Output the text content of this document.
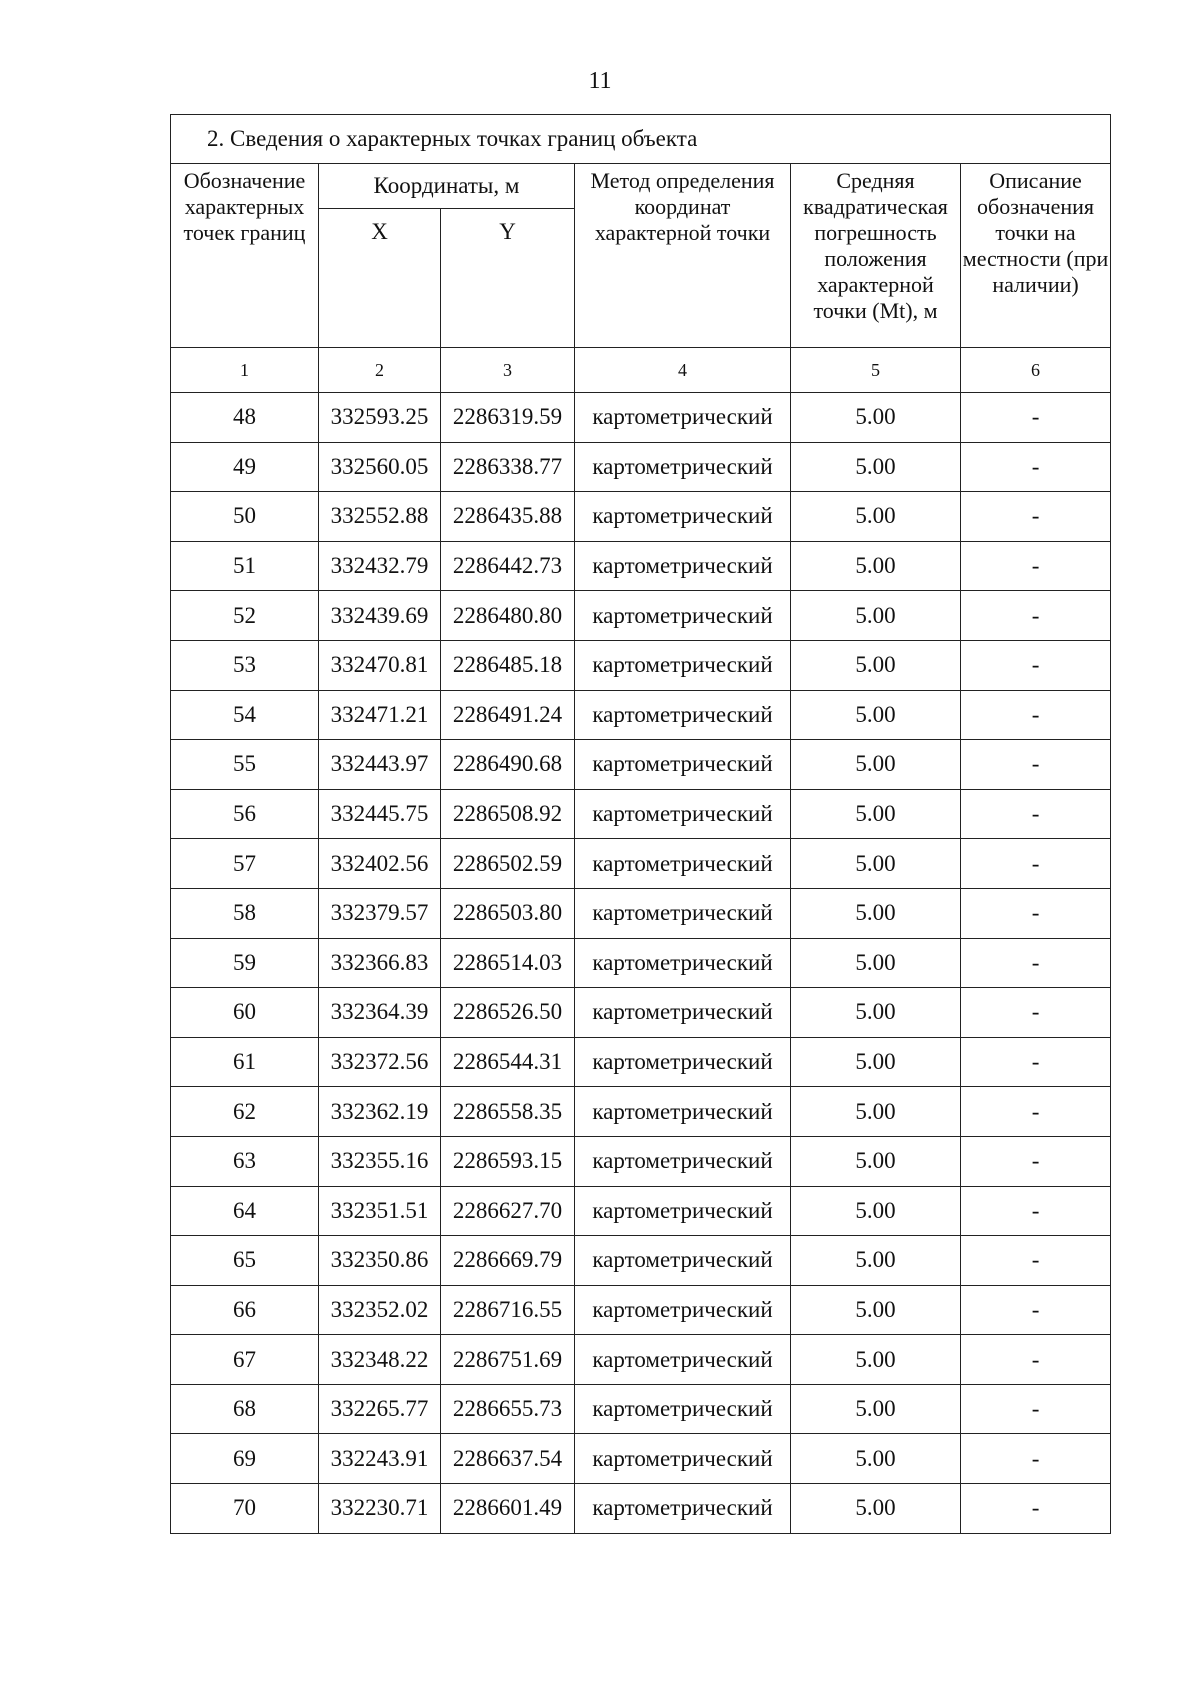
11
2. Сведения о характерных точках границ объекта					
Обозначение характерных точек границ	Координаты, м		Метод определения координат характерной точки	Средняя квадратическая погрешность положения характерной точки (Mt), м	Описание обозначения точки на местности (при наличии)
	X	Y			
1	2	3	4	5	6
48	332593.25	2286319.59	картометрический	5.00	-
49	332560.05	2286338.77	картометрический	5.00	-
50	332552.88	2286435.88	картометрический	5.00	-
51	332432.79	2286442.73	картометрический	5.00	-
52	332439.69	2286480.80	картометрический	5.00	-
53	332470.81	2286485.18	картометрический	5.00	-
54	332471.21	2286491.24	картометрический	5.00	-
55	332443.97	2286490.68	картометрический	5.00	-
56	332445.75	2286508.92	картометрический	5.00	-
57	332402.56	2286502.59	картометрический	5.00	-
58	332379.57	2286503.80	картометрический	5.00	-
59	332366.83	2286514.03	картометрический	5.00	-
60	332364.39	2286526.50	картометрический	5.00	-
61	332372.56	2286544.31	картометрический	5.00	-
62	332362.19	2286558.35	картометрический	5.00	-
63	332355.16	2286593.15	картометрический	5.00	-
64	332351.51	2286627.70	картометрический	5.00	-
65	332350.86	2286669.79	картометрический	5.00	-
66	332352.02	2286716.55	картометрический	5.00	-
67	332348.22	2286751.69	картометрический	5.00	-
68	332265.77	2286655.73	картометрический	5.00	-
69	332243.91	2286637.54	картометрический	5.00	-
70	332230.71	2286601.49	картометрический	5.00	-
